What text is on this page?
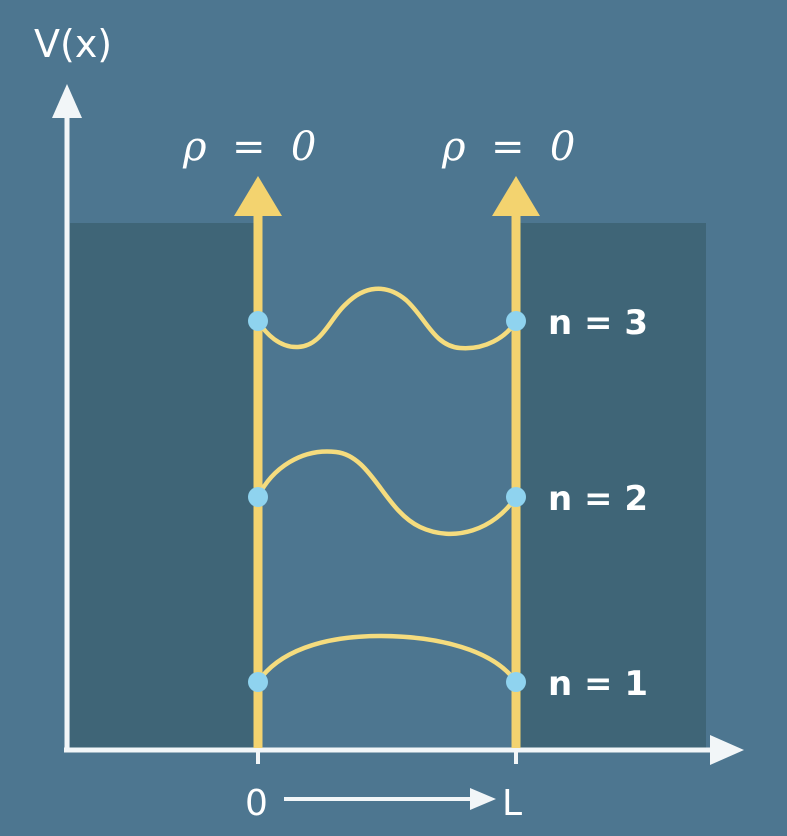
V(x)
ρ  =  0	ρ  =  0
n = 3
n = 2
n = 1
0	L
